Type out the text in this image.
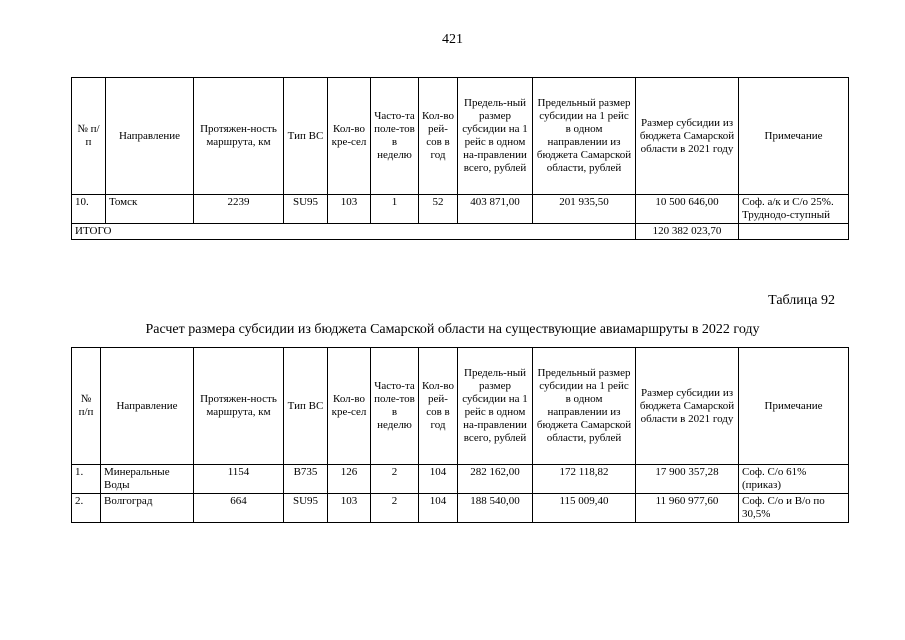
421
№ п/п	Направление	Протяжен-ность маршрута, км	Тип ВС	Кол-во кре-сел	Часто-та поле-тов в неделю	Кол-во рей-сов в год	Предель-ный размер субсидии на 1 рейс в одном на-правлении всего, рублей	Предельный размер субсидии на 1 рейс в одном направлении из бюджета Самарской области, рублей	Размер субсидии из бюджета Самарской области в 2021 году	Примечание
10.	Томск	2239	SU95	103	1	52	403 871,00	201 935,50	10 500 646,00	Соф. а/к и С/о 25%. Труднодо-ступный
ИТОГО									120 382 023,70	
Таблица 92
Расчет размера субсидии из бюджета Самарской области на существующие авиамаршруты в 2022 году
№ п/п	Направление	Протяжен-ность маршрута, км	Тип ВС	Кол-во кре-сел	Часто-та поле-тов в неделю	Кол-во рей-сов в год	Предель-ный размер субсидии на 1 рейс в одном на-правлении всего, рублей	Предельный размер субсидии на 1 рейс в одном направлении из бюджета Самарской области, рублей	Размер субсидии из бюджета Самарской области в 2021 году	Примечание
1.	Минеральные Воды	1154	B735	126	2	104	282 162,00	172 118,82	17 900 357,28	Соф. С/о 61% (приказ)
2.	Волгоград	664	SU95	103	2	104	188 540,00	115 009,40	11 960 977,60	Соф. С/о и В/о по 30,5%
